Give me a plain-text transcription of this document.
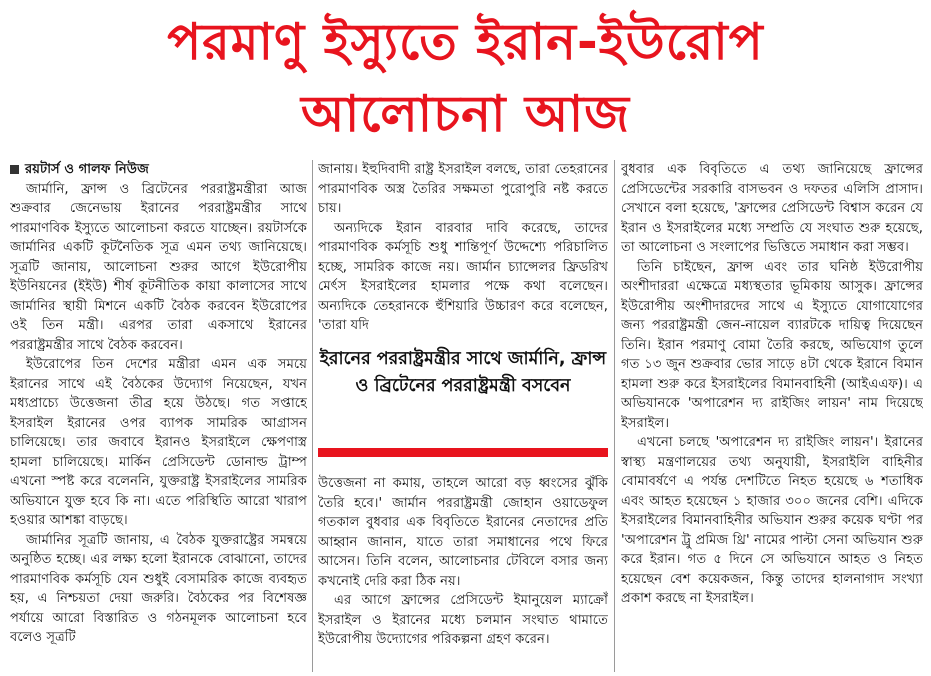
পরমাণু ইস্যুতে ইরান-ইউরোপ
আলোচনা আজ

রয়টার্স ও গালফ নিউজ

জার্মানি, ফ্রান্স ও ব্রিটেনের পররাষ্ট্রমন্ত্রীরা আজ শুক্রবার জেনেভায় ইরানের পররাষ্ট্রমন্ত্রীর সাথে পারমাণবিক ইস্যুতে আলোচনা করতে যাচ্ছেন। রয়টার্সকে জার্মানির একটি কূটনৈতিক সূত্র এমন তথ্য জানিয়েছে। সূত্রটি জানায়, আলোচনা শুরুর আগে ইউরোপীয় ইউনিয়নের (ইইউ) শীর্ষ কূটনীতিক কায়া কালাসের সাথে জার্মানির স্থায়ী মিশনে একটি বৈঠক করবেন ইউরোপের ওই তিন মন্ত্রী। এরপর তারা একসাথে ইরানের পররাষ্ট্রমন্ত্রীর সাথে বৈঠক করবেন।

ইউরোপের তিন দেশের মন্ত্রীরা এমন এক সময়ে ইরানের সাথে এই বৈঠকের উদ্যোগ নিয়েছেন, যখন মধ্যপ্রাচ্যে উত্তেজনা তীব্র হয়ে উঠছে। গত সপ্তাহে ইসরাইল ইরানের ওপর ব্যাপক সামরিক আগ্রাসন চালিয়েছে। তার জবাবে ইরানও ইসরাইলে ক্ষেপণাস্ত্র হামলা চালিয়েছে। মার্কিন প্রেসিডেন্ট ডোনাল্ড ট্রাম্প এখনো স্পষ্ট করে বলেননি, যুক্তরাষ্ট্র ইসরাইলের সামরিক অভিযানে যুক্ত হবে কি না। এতে পরিস্থিতি আরো খারাপ হওয়ার আশঙ্কা বাড়ছে।

জার্মানির সূত্রটি জানায়, এ বৈঠক যুক্তরাষ্ট্রের সমন্বয়ে অনুষ্ঠিত হচ্ছে। এর লক্ষ্য হলো ইরানকে বোঝানো, তাদের পারমাণবিক কর্মসূচি যেন শুধুই বেসামরিক কাজে ব্যবহৃত হয়, এ নিশ্চয়তা দেয়া জরুরি। বৈঠকের পর বিশেষজ্ঞ পর্যায়ে আরো বিস্তারিত ও গঠনমূলক আলোচনা হবে বলেও সূত্রটি

জানায়। ইহুদিবাদী রাষ্ট্র ইসরাইল বলছে, তারা তেহরানের পারমাণবিক অস্ত্র তৈরির সক্ষমতা পুরোপুরি নষ্ট করতে চায়।

অন্যদিকে ইরান বারবার দাবি করেছে, তাদের পারমাণবিক কর্মসূচি শুধু শান্তিপূর্ণ উদ্দেশ্যে পরিচালিত হচ্ছে, সামরিক কাজে নয়। জার্মান চ্যান্সেলর ফ্রিডরিখ মের্ৎস ইসরাইলের হামলার পক্ষে কথা বলেছেন। অন্যদিকে তেহরানকে হুঁশিয়ারি উচ্চারণ করে বলেছেন, 'তারা যদি

ইরানের পররাষ্ট্রমন্ত্রীর সাথে জার্মানি, ফ্রান্স ও ব্রিটেনের পররাষ্ট্রমন্ত্রী বসবেন

উত্তেজনা না কমায়, তাহলে আরো বড় ধ্বংসের ঝুঁকি তৈরি হবে।' জার্মান পররাষ্ট্রমন্ত্রী জোহান ওয়াডেফুল গতকাল বুধবার এক বিবৃতিতে ইরানের নেতাদের প্রতি আহ্বান জানান, যাতে তারা সমাধানের পথে ফিরে আসেন। তিনি বলেন, আলোচনার টেবিলে বসার জন্য কখনোই দেরি করা ঠিক নয়।

এর আগে ফ্রান্সের প্রেসিডেন্ট ইমানুয়েল ম্যাক্রোঁ ইসরাইল ও ইরানের মধ্যে চলমান সংঘাত থামাতে ইউরোপীয় উদ্যোগের পরিকল্পনা গ্রহণ করেন।

বুধবার এক বিবৃতিতে এ তথ্য জানিয়েছে ফ্রান্সের প্রেসিডেন্টের সরকারি বাসভবন ও দফতর এলিসি প্রাসাদ। সেখানে বলা হয়েছে, 'ফ্রান্সের প্রেসিডেন্ট বিশ্বাস করেন যে ইরান ও ইসরাইলের মধ্যে সম্প্রতি যে সংঘাত শুরু হয়েছে, তা আলোচনা ও সংলাপের ভিত্তিতে সমাধান করা সম্ভব।

তিনি চাইছেন, ফ্রান্স এবং তার ঘনিষ্ঠ ইউরোপীয় অংশীদাররা এক্ষেত্রে মধ্যস্থতার ভূমিকায় আসুক। ফ্রান্সের ইউরোপীয় অংশীদারদের সাথে এ ইস্যুতে যোগাযোগের জন্য পররাষ্ট্রমন্ত্রী জেন-নায়েল ব্যারটকে দায়িত্ব দিয়েছেন তিনি। ইরান পরমাণু বোমা তৈরি করছে, অভিযোগ তুলে গত ১৩ জুন শুক্রবার ভোর সাড়ে ৪টা থেকে ইরানে বিমান হামলা শুরু করে ইসরাইলের বিমানবাহিনী (আইএএফ)। এ অভিযানকে 'অপারেশন দ্য রাইজিং লায়ন' নাম দিয়েছে ইসরাইল।

এখনো চলছে 'অপারেশন দ্য রাইজিং লায়ন'। ইরানের স্বাস্থ্য মন্ত্রণালয়ের তথ্য অনুযায়ী, ইসরাইলি বাহিনীর বোমাবর্ষণে এ পর্যন্ত দেশটিতে নিহত হয়েছে ৬ শতাধিক এবং আহত হয়েছেন ১ হাজার ৩০০ জনের বেশি। এদিকে ইসরাইলের বিমানবাহিনীর অভিযান শুরুর কয়েক ঘণ্টা পর 'অপারেশন ট্রু প্রমিজ থ্রি' নামের পাল্টা সেনা অভিযান শুরু করে ইরান। গত ৫ দিনে সে অভিযানে আহত ও নিহত হয়েছেন বেশ কয়েকজন, কিন্তু তাদের হালনাগাদ সংখ্যা প্রকাশ করছে না ইসরাইল।
